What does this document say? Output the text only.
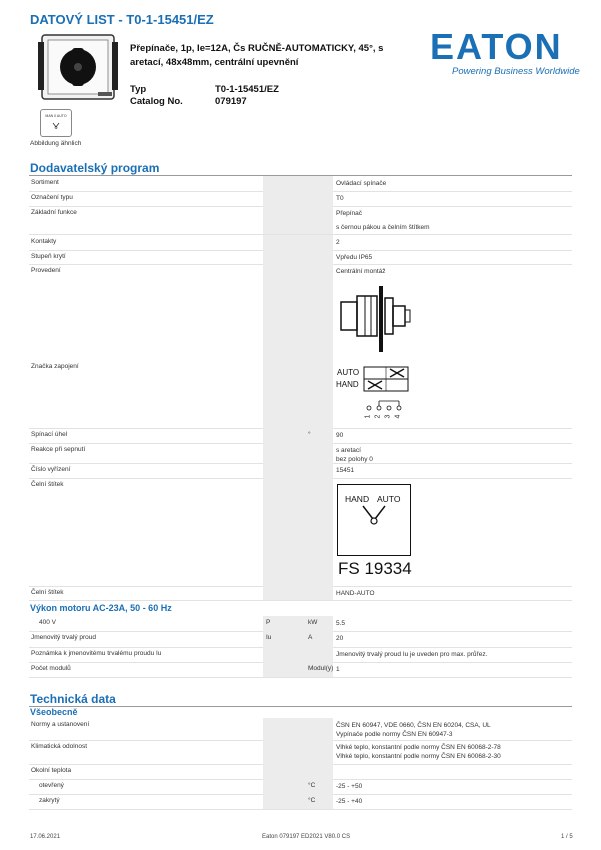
DATOVÝ LIST - T0-1-15451/EZ
Přepínače, 1p, Ie=12A, Čs RUČNĚ-AUTOMATICKY, 45°, s aretací, 48x48mm, centrální upevnění
Typ	T0-1-15451/EZ
Catalog No.	079197
MAN 0 AUTO
Abbildung ähnlich
EATON
Powering Business Worldwide
Dodavatelský program
Sortiment	Ovládací spínače
Označení typu	T0
Základní funkce	Přepínač
s černou pákou a čelním štítkem
Kontakty	2
Stupeň krytí	Vpředu IP65
Provedení	Centrální montáž
Značka zapojení
AUTO
HAND
1 2 3 4
Spínací úhel	°	90
Reakce při sepnutí	s aretací
bez polohy 0
Číslo vyřízení	15451
Čelní štítek
HAND AUTO
FS 19334
Čelní štítek	HAND-AUTO
Výkon motoru AC-23A, 50 - 60 Hz
400 V	P	kW	5.5
Jmenovitý trvalý proud	Iu	A	20
Poznámka k jmenovitému trvalému proudu Iu	Jmenovitý trvalý proud Iu je uveden pro max. průřez.
Počet modulů	Modul(y) 1
Technická data
Všeobecně
Normy a ustanovení	ČSN EN 60947, VDE 0660, ČSN EN 60204, CSA, UL
Vypínače podle normy ČSN EN 60947-3
Klimatická odolnost	Vlhké teplo, konstantní podle normy ČSN EN 60068-2-78
Vlhké teplo, konstantní podle normy ČSN EN 60068-2-30
Okolní teplota
otevřený	°C	-25 - +50
zakrytý	°C	-25 - +40
17.06.2021	Eaton 079197 ED2021 V80.0 CS	1 / 5
